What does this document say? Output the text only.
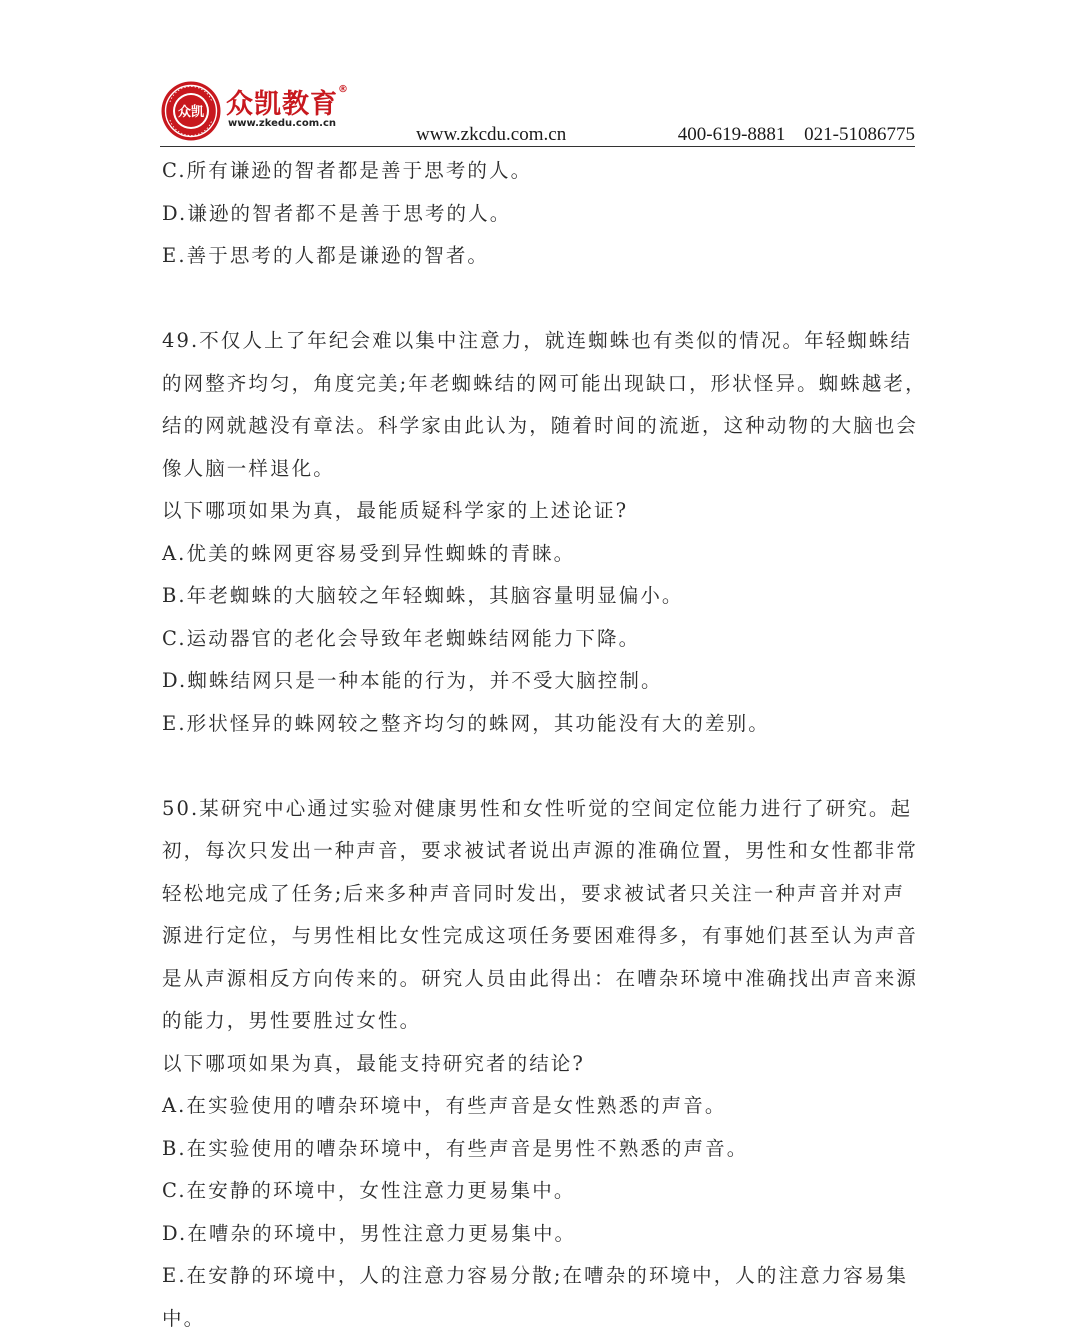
众凯 众凯教育®
www.zkedu.com.cn
www.zkcdu.com.cn	400-619-8881 021-51086775
C.所有谦逊的智者都是善于思考的人。
D.谦逊的智者都不是善于思考的人。
E.善于思考的人都是谦逊的智者。
49.不仅人上了年纪会难以集中注意力，就连蜘蛛也有类似的情况。年轻蜘蛛结
的网整齐均匀，角度完美;年老蜘蛛结的网可能出现缺口，形状怪异。蜘蛛越老，
结的网就越没有章法。科学家由此认为，随着时间的流逝，这种动物的大脑也会
像人脑一样退化。
以下哪项如果为真，最能质疑科学家的上述论证?
A.优美的蛛网更容易受到异性蜘蛛的青睐。
B.年老蜘蛛的大脑较之年轻蜘蛛，其脑容量明显偏小。
C.运动器官的老化会导致年老蜘蛛结网能力下降。
D.蜘蛛结网只是一种本能的行为，并不受大脑控制。
E.形状怪异的蛛网较之整齐均匀的蛛网，其功能没有大的差别。
50.某研究中心通过实验对健康男性和女性听觉的空间定位能力进行了研究。起
初，每次只发出一种声音，要求被试者说出声源的准确位置，男性和女性都非常
轻松地完成了任务;后来多种声音同时发出，要求被试者只关注一种声音并对声
源进行定位，与男性相比女性完成这项任务要困难得多，有事她们甚至认为声音
是从声源相反方向传来的。研究人员由此得出：在嘈杂环境中准确找出声音来源
的能力，男性要胜过女性。
以下哪项如果为真，最能支持研究者的结论?
A.在实验使用的嘈杂环境中，有些声音是女性熟悉的声音。
B.在实验使用的嘈杂环境中，有些声音是男性不熟悉的声音。
C.在安静的环境中，女性注意力更易集中。
D.在嘈杂的环境中，男性注意力更易集中。
E.在安静的环境中，人的注意力容易分散;在嘈杂的环境中，人的注意力容易集
中。
